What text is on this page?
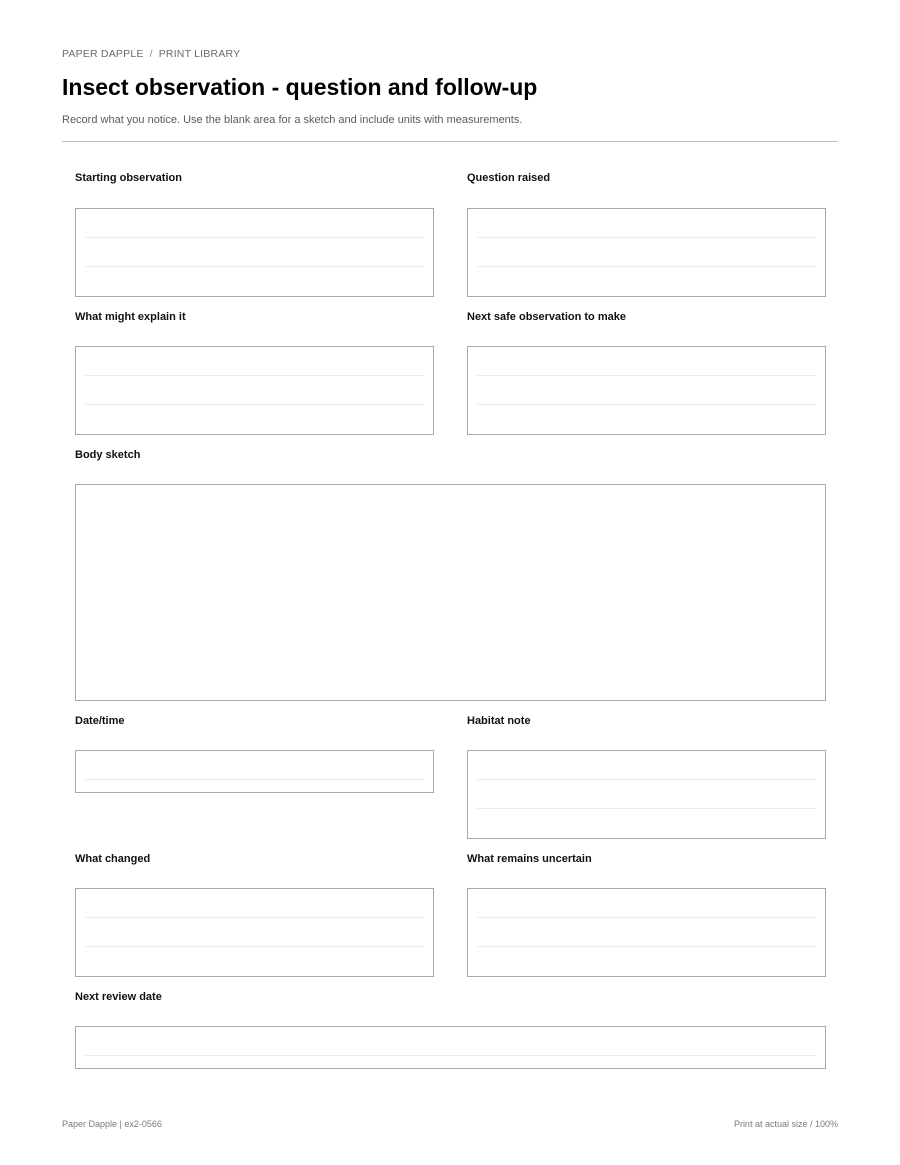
PAPER DAPPLE / PRINT LIBRARY
Insect observation - question and follow-up
Record what you notice. Use the blank area for a sketch and include units with measurements.
Starting observation	Question raised
What might explain it	Next safe observation to make
Body sketch
Date/time	Habitat note
What changed	What remains uncertain
Next review date
Paper Dapple | ex2-0566	Print at actual size / 100%
